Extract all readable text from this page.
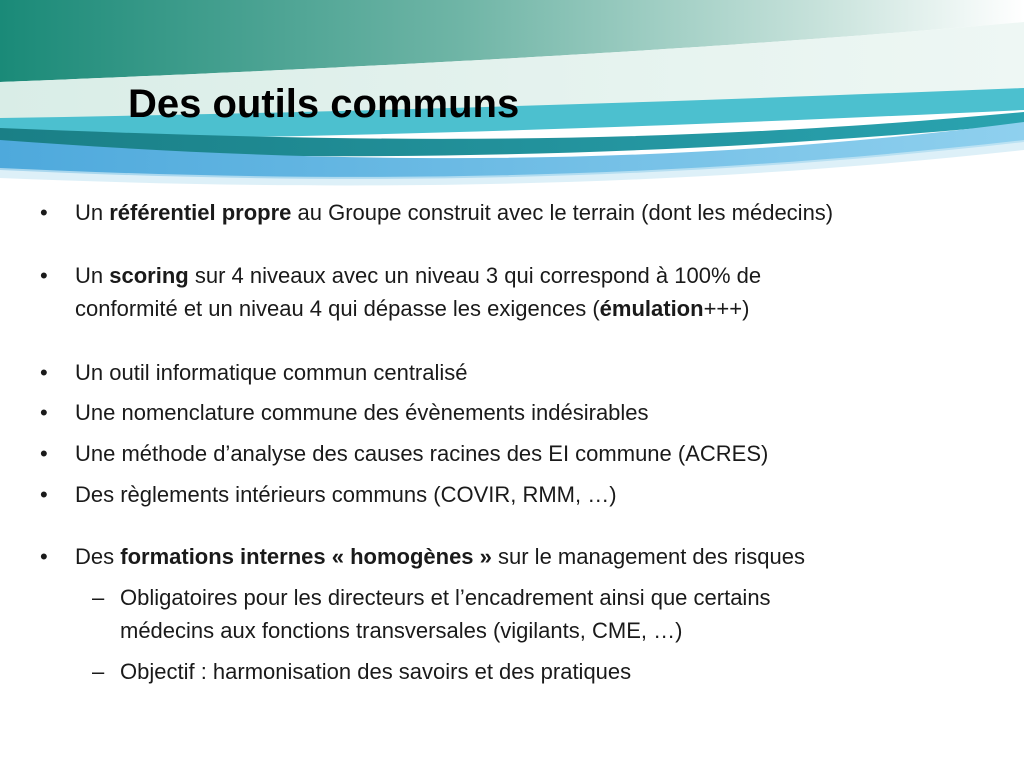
Des outils communs
• Un référentiel propre au Groupe construit avec le terrain (dont les médecins)
• Un scoring sur 4 niveaux avec un niveau 3 qui correspond à 100% de
conformité et un niveau 4 qui dépasse les exigences (émulation+++)
• Un outil informatique commun centralisé
• Une nomenclature commune des évènements indésirables
• Une méthode d’analyse des causes racines des EI commune (ACRES)
• Des règlements intérieurs communs (COVIR, RMM, …)
• Des formations internes « homogènes » sur le management des risques
– Obligatoires pour les directeurs et l’encadrement ainsi que certains
médecins aux fonctions transversales (vigilants, CME, …)
– Objectif : harmonisation des savoirs et des pratiques
